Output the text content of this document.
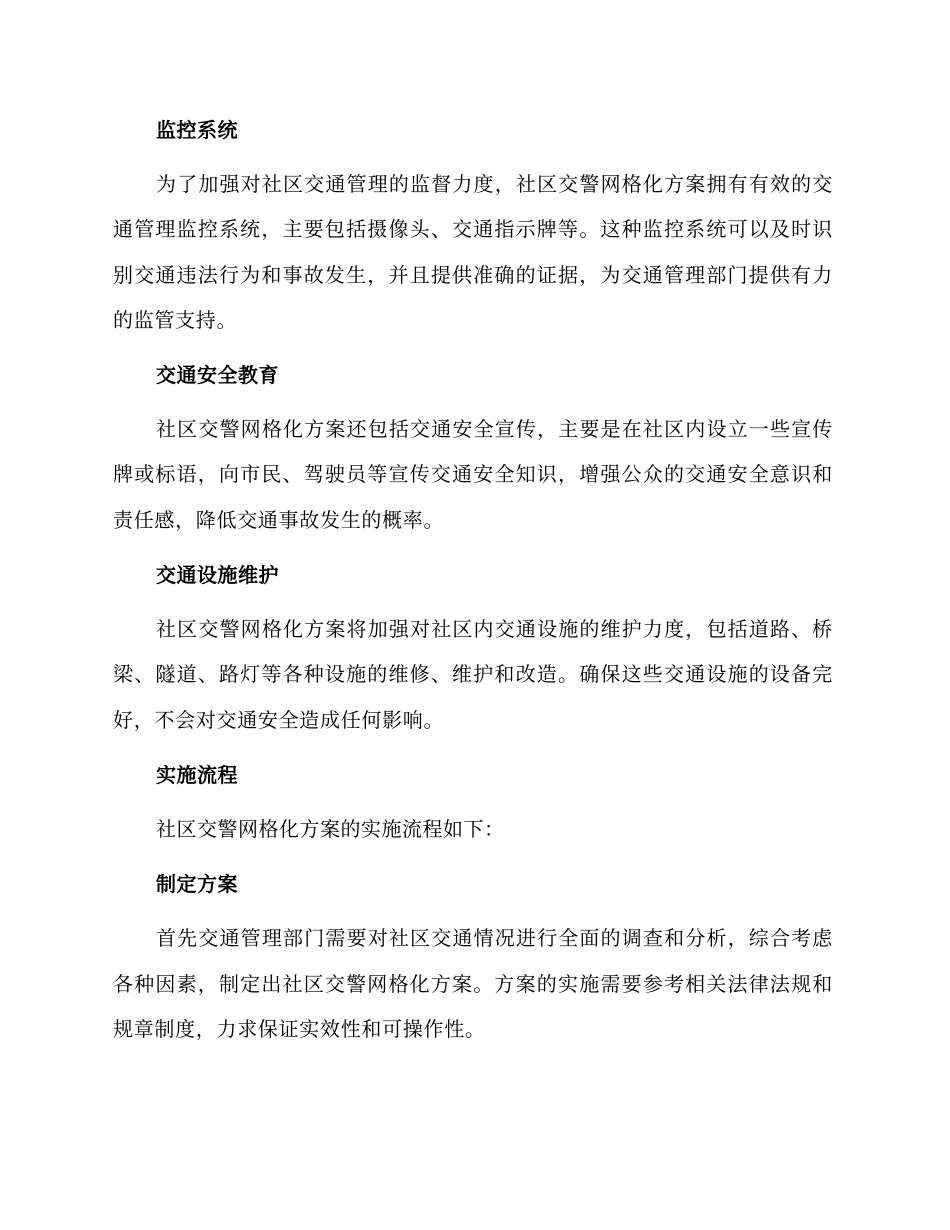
监控系统

为了加强对社区交通管理的监督力度，社区交警网格化方案拥有有效的交通管理监控系统，主要包括摄像头、交通指示牌等。这种监控系统可以及时识别交通违法行为和事故发生，并且提供准确的证据，为交通管理部门提供有力的监管支持。

交通安全教育

社区交警网格化方案还包括交通安全宣传，主要是在社区内设立一些宣传牌或标语，向市民、驾驶员等宣传交通安全知识，增强公众的交通安全意识和责任感，降低交通事故发生的概率。

交通设施维护

社区交警网格化方案将加强对社区内交通设施的维护力度，包括道路、桥梁、隧道、路灯等各种设施的维修、维护和改造。确保这些交通设施的设备完好，不会对交通安全造成任何影响。

实施流程

社区交警网格化方案的实施流程如下：

制定方案

首先交通管理部门需要对社区交通情况进行全面的调查和分析，综合考虑各种因素，制定出社区交警网格化方案。方案的实施需要参考相关法律法规和规章制度，力求保证实效性和可操作性。
